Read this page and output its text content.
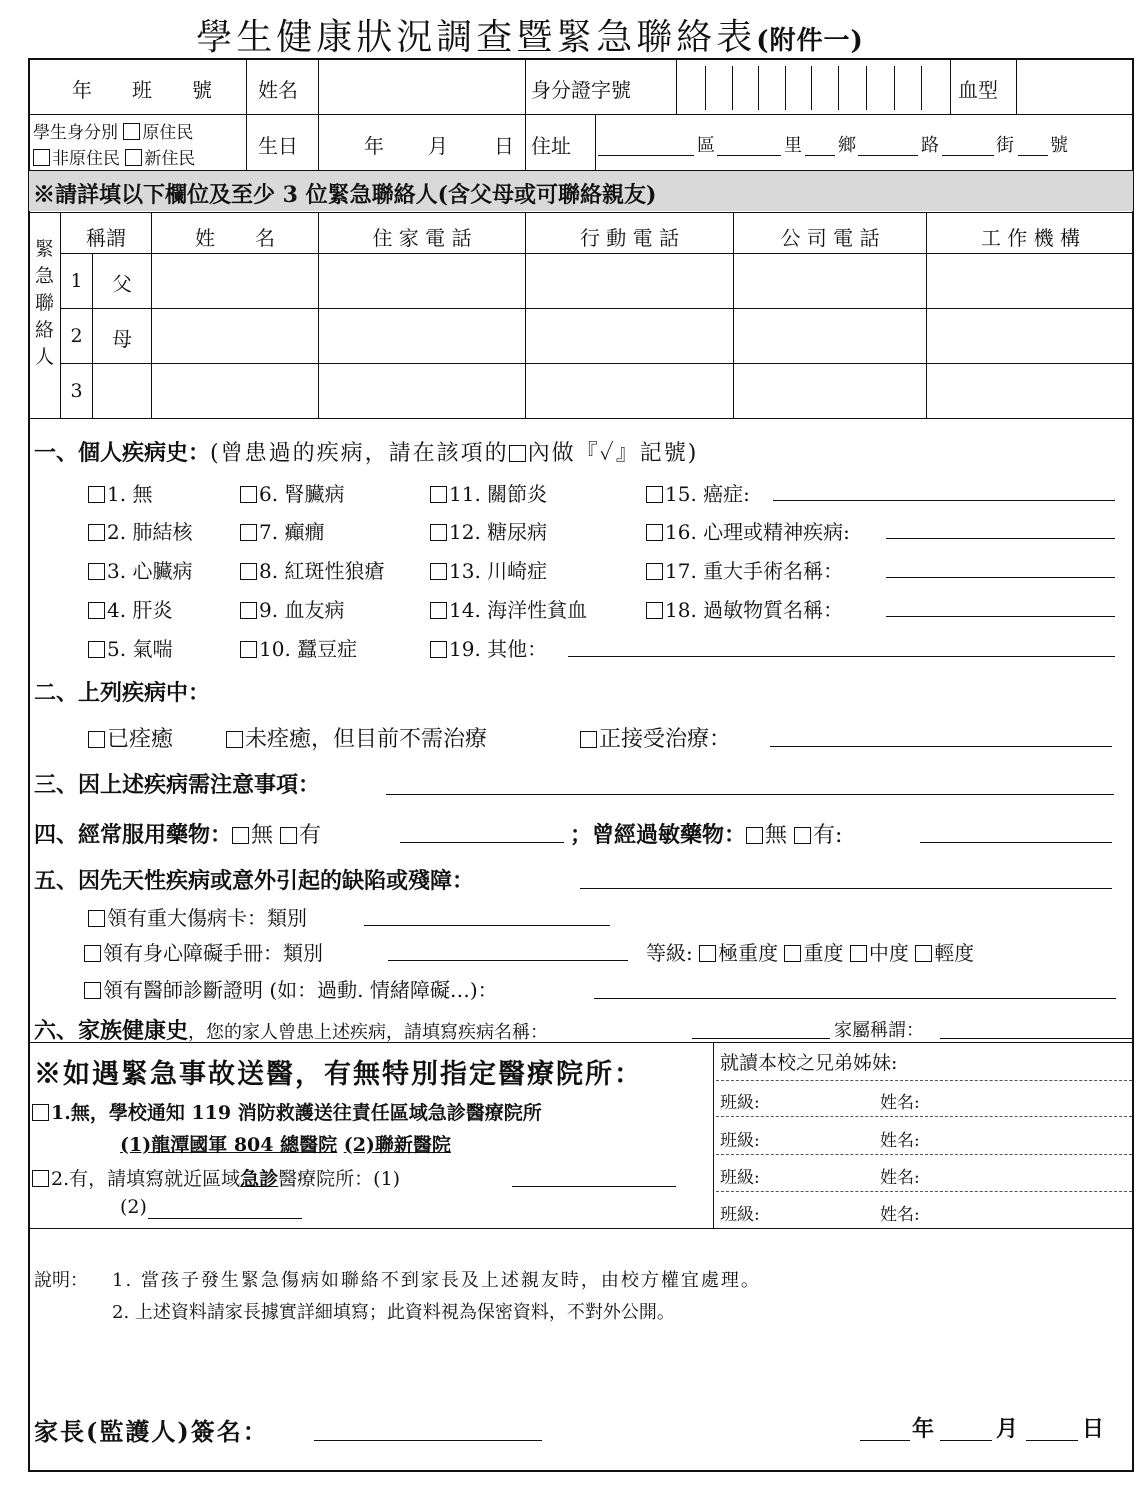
學生健康狀況調查暨緊急聯絡表(附件一)
年　　班　　號 姓名	身分證字號	血型
學生身分別 原住民
非原住民 新住民
生日	年 月 日 住址	區	里 鄉	路	街 號
※請詳填以下欄位及至少 3 位緊急聯絡人(含父母或可聯絡親友)
緊
急
聯
絡
人
稱謂	姓　　名	住 家 電 話	行 動 電 話	公 司 電 話	工 作 機 構
1	父
2	母
3
一、個人疾病史：(曾患過的疾病，請在該項的 內做『✓』記號)
1. 無	6. 腎臟病	11. 關節炎	15. 癌症:
2. 肺結核	7. 癲癇	12. 糖尿病	16. 心理或精神疾病:
3. 心臟病	8. 紅斑性狼瘡	13. 川崎症	17. 重大手術名稱：
4. 肝炎	9. 血友病	14. 海洋性貧血	18. 過敏物質名稱：
5. 氣喘	10. 蠶豆症	19. 其他：
二、上列疾病中：
已痊癒	未痊癒，但目前不需治療	正接受治療：
三、因上述疾病需注意事項：
四、經常服用藥物： 無 有	；曾經過敏藥物： 無 有:
五、因先天性疾病或意外引起的缺陷或殘障：
領有重大傷病卡：類別
領有身心障礙手冊：類別	等級: 極重度 重度 中度 輕度
領有醫師診斷證明 (如：過動. 情緒障礙…)：
六、家族健康史，您的家人曾患上述疾病，請填寫疾病名稱：	家屬稱謂：
※如遇緊急事故送醫，有無特別指定醫療院所：
1.無，學校通知 119 消防救護送往責任區域急診醫療院所
(1)龍潭國軍 804 總醫院 (2)聯新醫院
2.有，請填寫就近區域急診醫療院所：(1)
(2)
就讀本校之兄弟姊妹:
班級:	姓名:
班級:	姓名:
班級:	姓名:
班級:	姓名:
說明： 1. 當孩子發生緊急傷病如聯絡不到家長及上述親友時，由校方權宜處理。
2. 上述資料請家長據實詳細填寫；此資料視為保密資料，不對外公開。
家長(監護人)簽名：	年	月	日
